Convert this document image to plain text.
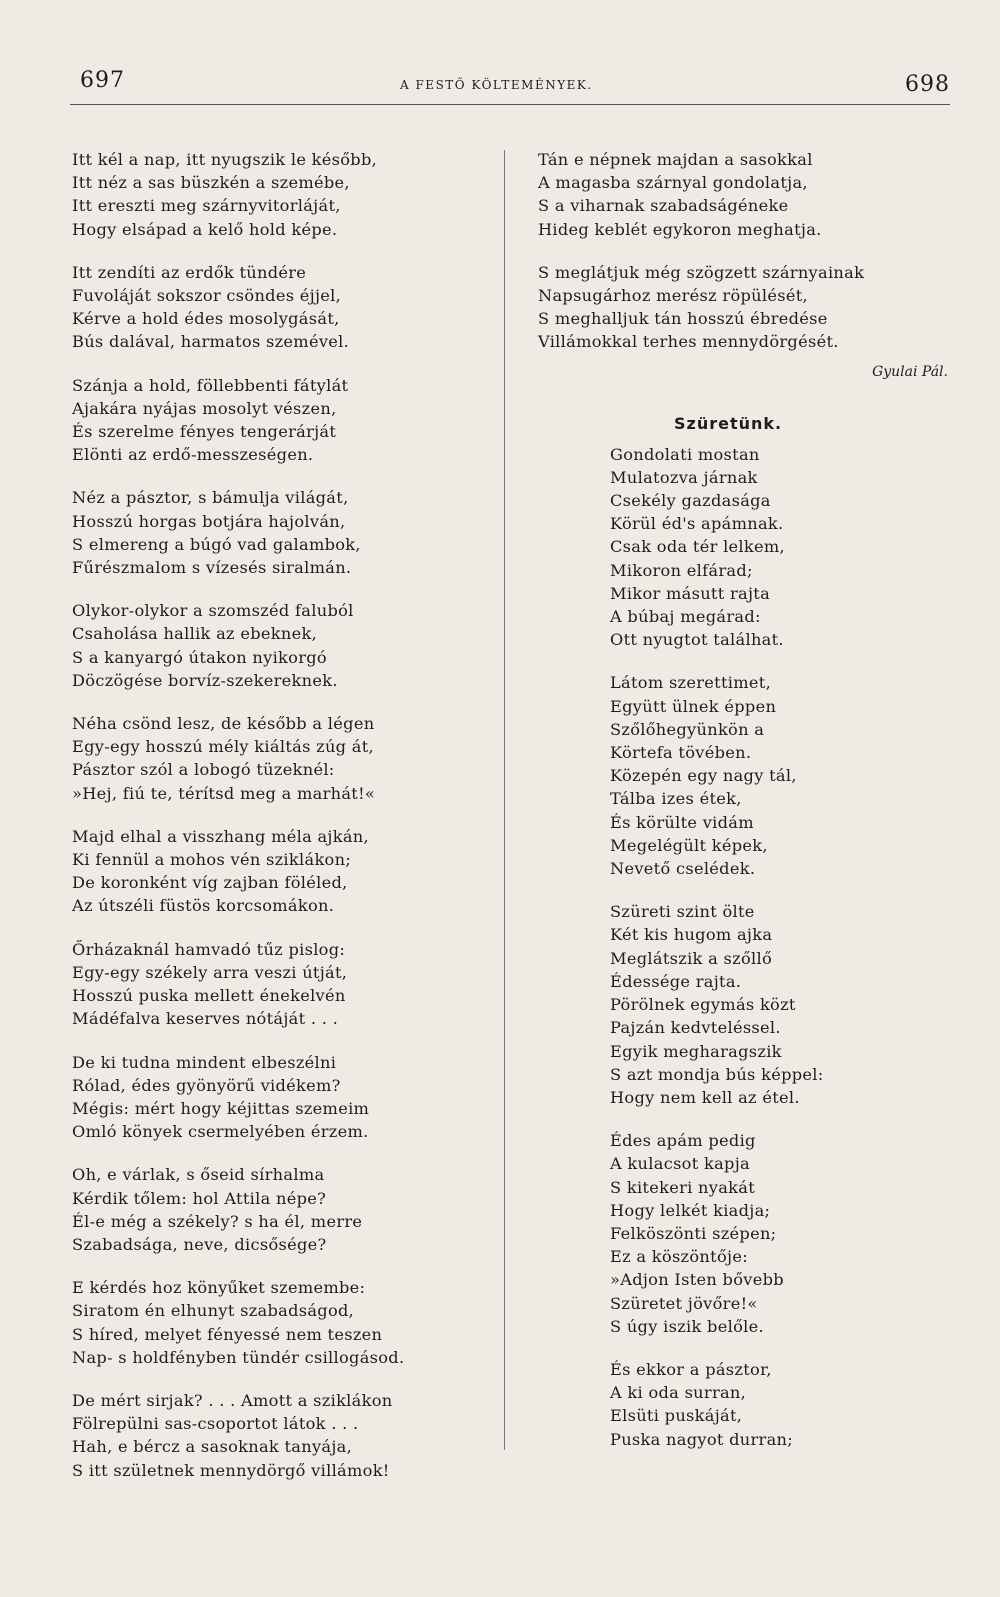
697	A FESTŐ KÖLTEMÉNYEK.	698
Itt kél a nap, itt nyugszik le később,
Itt néz a sas büszkén a szemébe,
Itt ereszti meg szárnyvitorláját,
Hogy elsápad a kelő hold képe.
Itt zendíti az erdők tündére
Fuvoláját sokszor csöndes éjjel,
Kérve a hold édes mosolygását,
Bús dalával, harmatos szemével.
Szánja a hold, föllebbenti fátylát
Ajakára nyájas mosolyt vészen,
És szerelme fényes tengerárját
Elönti az erdő-messzeségen.
Néz a pásztor, s bámulja világát,
Hosszú horgas botjára hajolván,
S elmereng a búgó vad galambok,
Fűrészmalom s vízesés siralmán.
Olykor-olykor a szomszéd faluból
Csaholása hallik az ebeknek,
S a kanyargó útakon nyikorgó
Döczögése borvíz-szekereknek.
Néha csönd lesz, de később a légen
Egy-egy hosszú mély kiáltás zúg át,
Pásztor szól a lobogó tüzeknél:
»Hej, fiú te, térítsd meg a marhát!«
Majd elhal a visszhang méla ajkán,
Ki fennül a mohos vén sziklákon;
De koronként víg zajban föléled,
Az útszéli füstös korcsomákon.
Őrházaknál hamvadó tűz pislog:
Egy-egy székely arra veszi útját,
Hosszú puska mellett énekelvén
Mádéfalva keserves nótáját . . .
De ki tudna mindent elbeszélni
Rólad, édes gyönyörű vidékem?
Mégis: mért hogy kéjittas szemeim
Omló könyek csermelyében érzem.
Oh, e várlak, s őseid sírhalma
Kérdik tőlem: hol Attila népe?
Él-e még a székely? s ha él, merre
Szabadsága, neve, dicsősége?
E kérdés hoz könyűket szemembe:
Siratom én elhunyt szabadságod,
S híred, melyet fényessé nem teszen
Nap- s holdfényben tündér csillogásod.
De mért sirjak? . . . Amott a sziklákon
Fölrepülni sas-csoportot látok . . .
Hah, e bércz a sasoknak tanyája,
S itt születnek mennydörgő villámok!
Tán e népnek majdan a sasokkal
A magasba szárnyal gondolatja,
S a viharnak szabadságéneke
Hideg keblét egykoron meghatja.
S meglátjuk még szögzett szárnyainak
Napsugárhoz merész röpülését,
S meghalljuk tán hosszú ébredése
Villámokkal terhes mennydörgését.
Gyulai Pál.
Szüretünk.
Gondolati mostan
Mulatozva járnak
Csekély gazdasága
Körül éd's apámnak.
Csak oda tér lelkem,
Mikoron elfárad;
Mikor másutt rajta
A búbaj megárad:
Ott nyugtot találhat.
Látom szerettimet,
Együtt ülnek éppen
Szőlőhegyünkön a
Körtefa tövében.
Közepén egy nagy tál,
Tálba izes étek,
És körülte vidám
Megelégült képek,
Nevető cselédek.
Szüreti szint ölte
Két kis hugom ajka
Meglátszik a szőllő
Édessége rajta.
Pörölnek egymás közt
Pajzán kedvteléssel.
Egyik megharagszik
S azt mondja bús képpel:
Hogy nem kell az étel.
Édes apám pedig
A kulacsot kapja
S kitekeri nyakát
Hogy lelkét kiadja;
Felköszönti szépen;
Ez a köszöntője:
»Adjon Isten bővebb
Szüretet jövőre!«
S úgy iszik belőle.
És ekkor a pásztor,
A ki oda surran,
Elsüti puskáját,
Puska nagyot durran;
